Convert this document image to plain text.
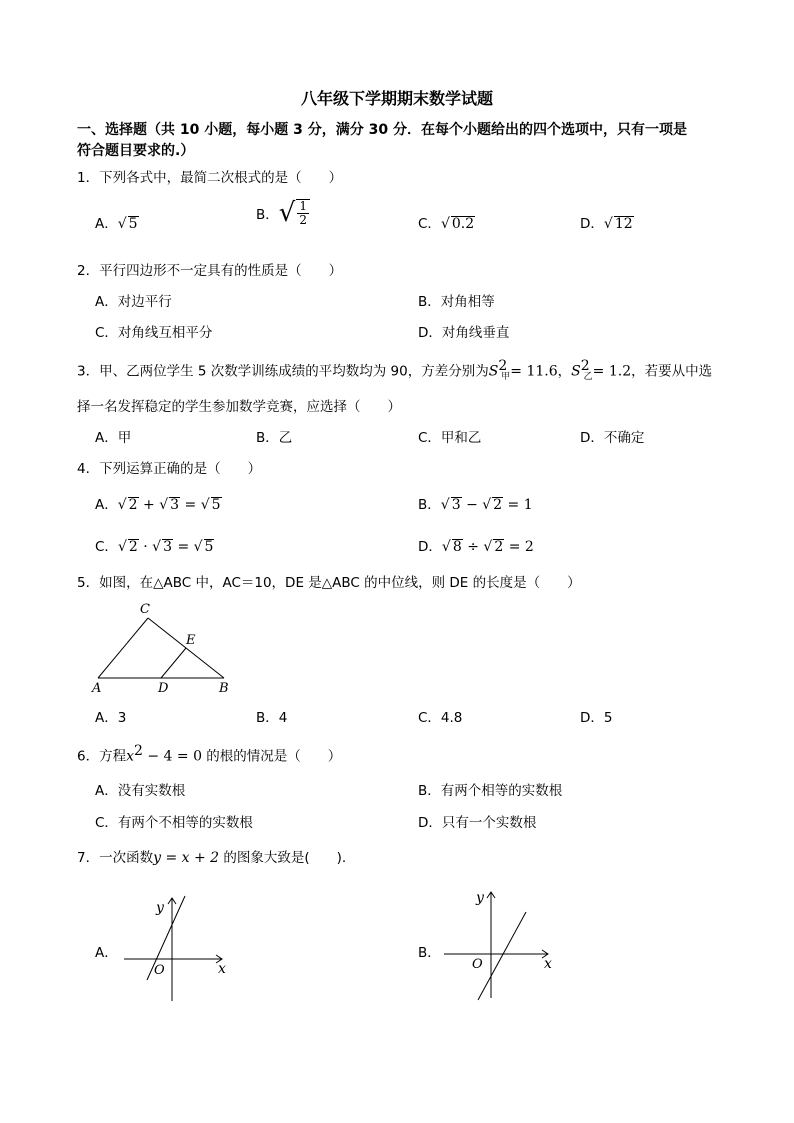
八年级下学期期末数学试题
一、选择题（共 10 小题，每小题 3 分，满分 30 分．在每个小题给出的四个选项中，只有一项是
符合题目要求的.）
1．下列各式中，最简二次根式的是（　　）
A．√ 5
B．√ $\frac{1}{2}$	C．√ 0.2	D．√ 12
2．平行四边形不一定具有的性质是（　　）
A．对边平行	B．对角相等
C．对角线互相平分	D．对角线垂直
3．甲、乙两位学生 5 次数学训练成绩的平均数均为 90，方差分别为$S^2_甲= 11.6$，$S^2_乙= 1.2$，若要从中选
择一名发挥稳定的学生参加数学竞赛，应选择（　　）
A．甲	B．乙	C．甲和乙	D．不确定
4．下列运算正确的是（　　）
A．√ 2 + √ 3 = √ 5	B．√ 3 − √ 2 = 1
C．√ 2 · √ 3 = √ 5	D．√ 8 ÷ √ 2 = 2
5．如图，在△ABC 中，AC＝10，DE 是△ABC 的中位线，则 DE 的长度是（　　）
C
E
A	D	B
A．3	B．4	C．4.8	D．5
6．方程$x^2 - 4 = 0$ 的根的情况是（　　）
A．没有实数根	B．有两个相等的实数根
C．有两个不相等的实数根	D．只有一个实数根
7．一次函数y = x + 2 的图象大致是(　　).
A．
y
x
O
B．
y
x
O
